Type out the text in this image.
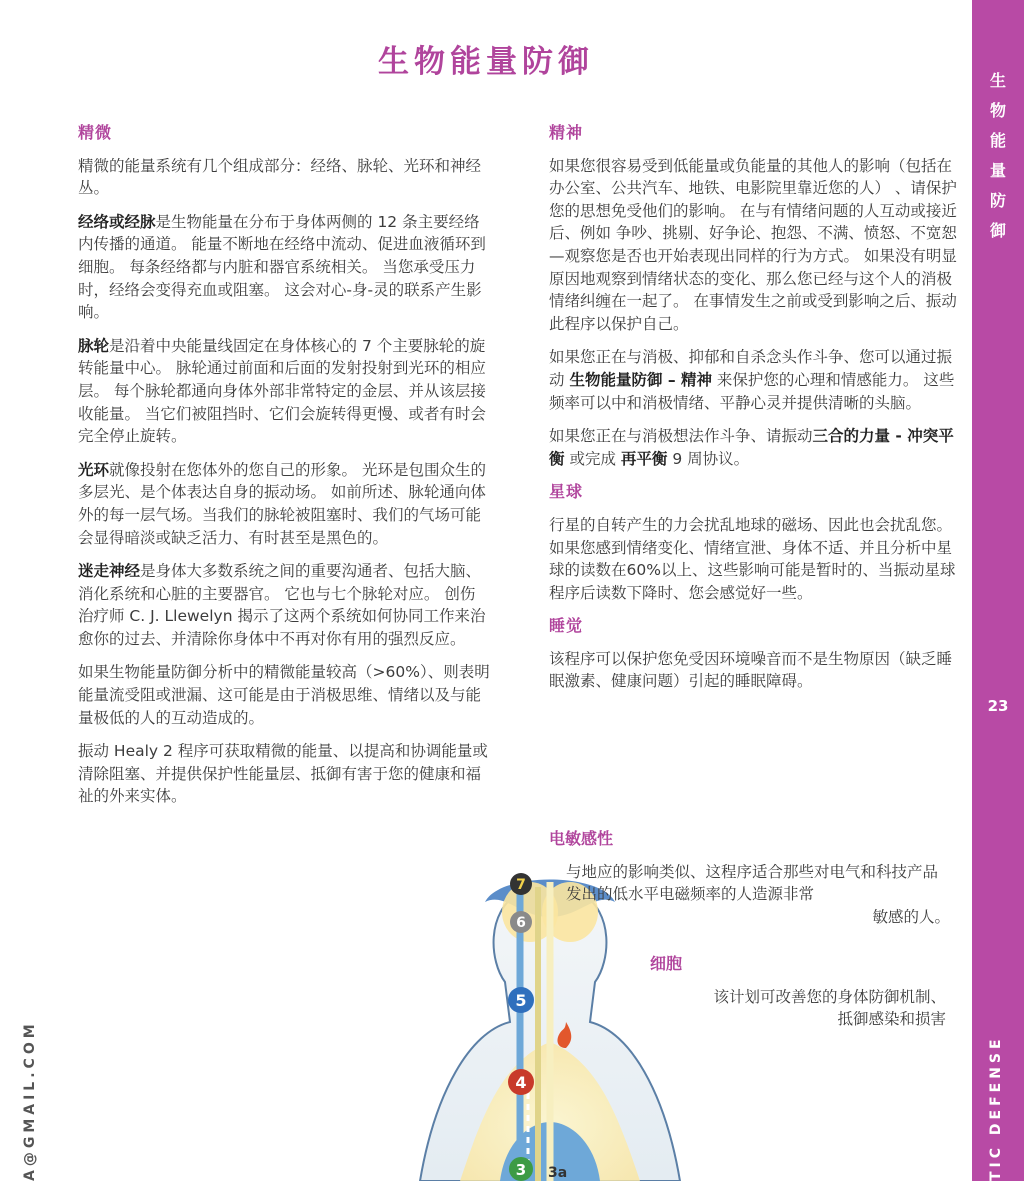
生物能量防御
精微

精微的能量系统有几个组成部分：经络、脉轮、光环和神经丛。

经络或经脉是生物能量在分布于身体两侧的 12 条主要经络内传播的通道。 能量不断地在经络中流动、促进血液循环到细胞。 每条经络都与内脏和器官系统相关。 当您承受压力时，经络会变得充血或阻塞。 这会对心-身-灵的联系产生影响。

脉轮是沿着中央能量线固定在身体核心的 7 个主要脉轮的旋转能量中心。 脉轮通过前面和后面的发射投射到光环的相应层。 每个脉轮都通向身体外部非常特定的金层、并从该层接收能量。 当它们被阻挡时、它们会旋转得更慢、或者有时会完全停止旋转。

光环就像投射在您体外的您自己的形象。 光环是包围众生的多层光、是个体表达自身的振动场。 如前所述、脉轮通向体外的每一层气场。当我们的脉轮被阻塞时、我们的气场可能会显得暗淡或缺乏活力、有时甚至是黑色的。

迷走神经是身体大多数系统之间的重要沟通者、包括大脑、消化系统和心脏的主要器官。 它也与七个脉轮对应。 创伤治疗师 C. J. Llewelyn 揭示了这两个系统如何协同工作来治愈你的过去、并清除你身体中不再对你有用的强烈反应。

如果生物能量防御分析中的精微能量较高（>60%）、则表明能量流受阻或泄漏、这可能是由于消极思维、情绪以及与能量极低的人的互动造成的。

振动 Healy 2 程序可获取精微的能量、以提高和协调能量或清除阻塞、并提供保护性能量层、抵御有害于您的健康和福祉的外来实体。

精神

如果您很容易受到低能量或负能量的其他人的影响（包括在办公室、公共汽车、地铁、电影院里靠近您的人） 、请保护您的思想免受他们的影响。 在与有情绪问题的人互动或接近后、例如 争吵、挑剔、好争论、抱怨、不满、愤怒、不宽恕—观察您是否也开始表现出同样的行为方式。 如果没有明显原因地观察到情绪状态的变化、那么您已经与这个人的消极情绪纠缠在一起了。 在事情发生之前或受到影响之后、振动此程序以保护自己。

如果您正在与消极、抑郁和自杀念头作斗争、您可以通过振动 生物能量防御 – 精神 来保护您的心理和情感能力。 这些频率可以中和消极情绪、平静心灵并提供清晰的头脑。

如果您正在与消极想法作斗争、请振动三合的力量 - 冲突平衡 或完成 再平衡 9 周协议。

星球

行星的自转产生的力会扰乱地球的磁场、因此也会扰乱您。 如果您感到情绪变化、情绪宣泄、身体不适、并且分析中星球的读数在60%以上、这些影响可能是暂时的、当振动星球程序后读数下降时、您会感觉好一些。

睡觉

该程序可以保护您免受因环境噪音而不是生物原因（缺乏睡眠激素、健康问题）引起的睡眠障碍。

7
6
5
4
3 3a
电敏感性

与地应的影响类似、这程序适合那些对电气和科技产品发出的低水平电磁频率的人造源非常

敏感的人。

细胞

该计划可改善您的身体防御机制、

抵御感染和损害

A@GMAIL.COM
生
物
能
量
防
御
23
TIC DEFENSE
